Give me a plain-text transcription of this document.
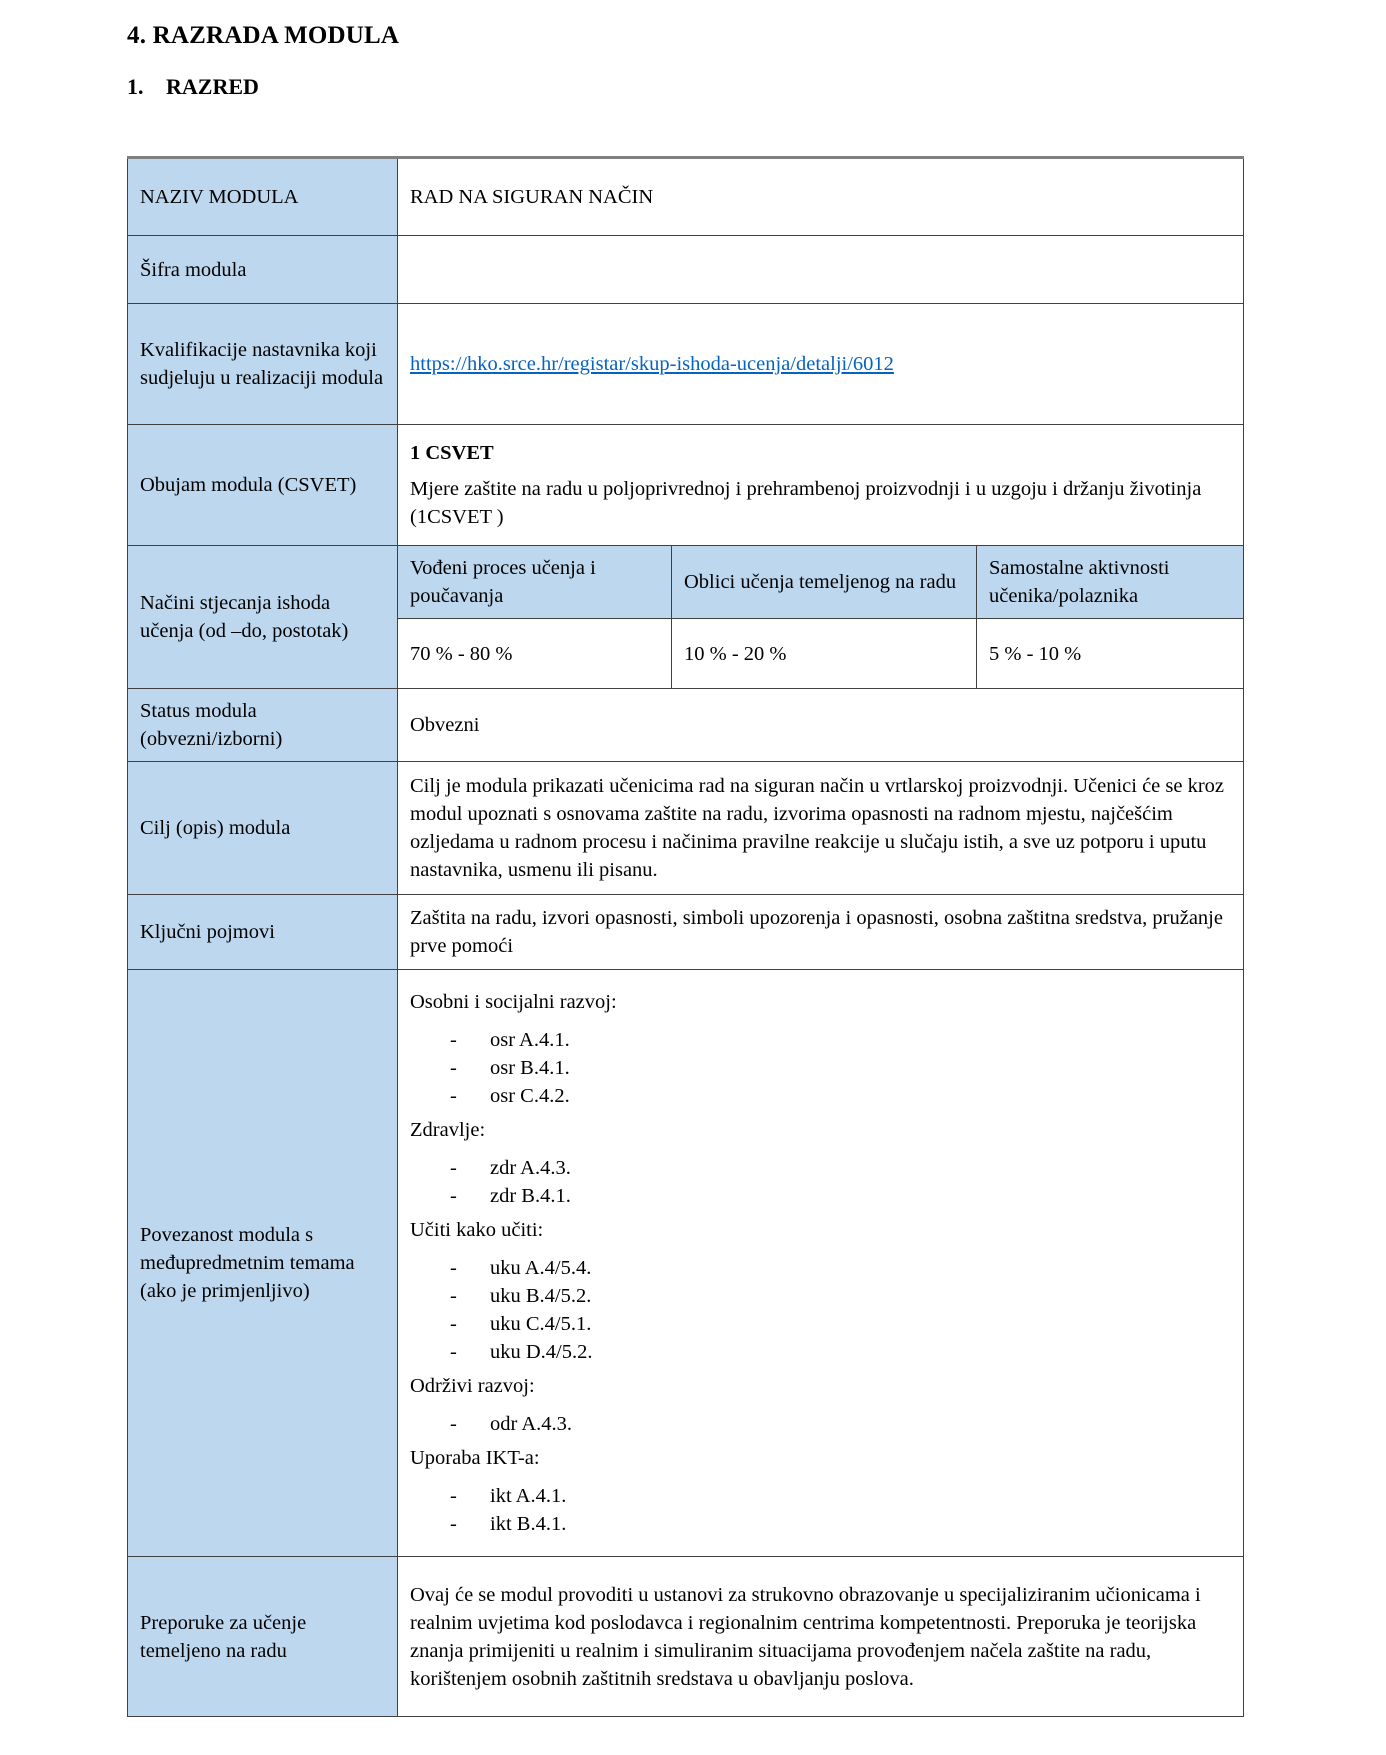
4. RAZRADA MODULA
1. RAZRED
NAZIV MODULA	RAD NA SIGURAN NAČIN		
Šifra modula			
Kvalifikacije nastavnika koji sudjeluju u realizaciji modula	https://hko.srce.hr/registar/skup-ishoda-ucenja/detalji/6012		
Obujam modula (CSVET)	1 CSVET

Mjere zaštite na radu u poljoprivrednoj i prehrambenoj proizvodnji i u uzgoju i držanju životinja (1CSVET )		

Načini stjecanja ishoda učenja (od –do, postotak)	Vođeni proces učenja i poučavanja	Oblici učenja temeljenog na radu	Samostalne aktivnosti učenika/polaznika
	70 % - 80 %	10 % - 20 %	5 % - 10 %
Status modula (obvezni/izborni)	Obvezni		
Cilj (opis) modula	Cilj je modula prikazati učenicima rad na siguran način u vrtlarskoj proizvodnji. Učenici će se kroz modul upoznati s osnovama zaštite na radu, izvorima opasnosti na radnom mjestu, najčešćim ozljedama u radnom procesu i načinima pravilne reakcije u slučaju istih, a sve uz potporu i uputu nastavnika, usmenu ili pisanu.		
Ključni pojmovi	Zaštita na radu, izvori opasnosti, simboli upozorenja i opasnosti, osobna zaštitna sredstva, pružanje prve pomoći		
Povezanost modula s međupredmetnim temama (ako je primjenljivo)	
Osobni i socijalni razvoj:
- osr A.4.1.
- osr B.4.1.
- osr C.4.2.
Zdravlje:
- zdr A.4.3.
- zdr B.4.1.
Učiti kako učiti:
- uku A.4/5.4.
- uku B.4/5.2.
- uku C.4/5.1.
- uku D.4/5.2.
Održivi razvoj:
- odr A.4.3.
Uporaba IKT-a:
- ikt A.4.1.
- ikt B.4.1.

Preporuke za učenje temeljeno na radu	Ovaj će se modul provoditi u ustanovi za strukovno obrazovanje u specijaliziranim učionicama i realnim uvjetima kod poslodavca i regionalnim centrima kompetentnosti. Preporuka je teorijska znanja primijeniti u realnim i simuliranim situacijama provođenjem načela zaštite na radu, korištenjem osobnih zaštitnih sredstava u obavljanju poslova.		
